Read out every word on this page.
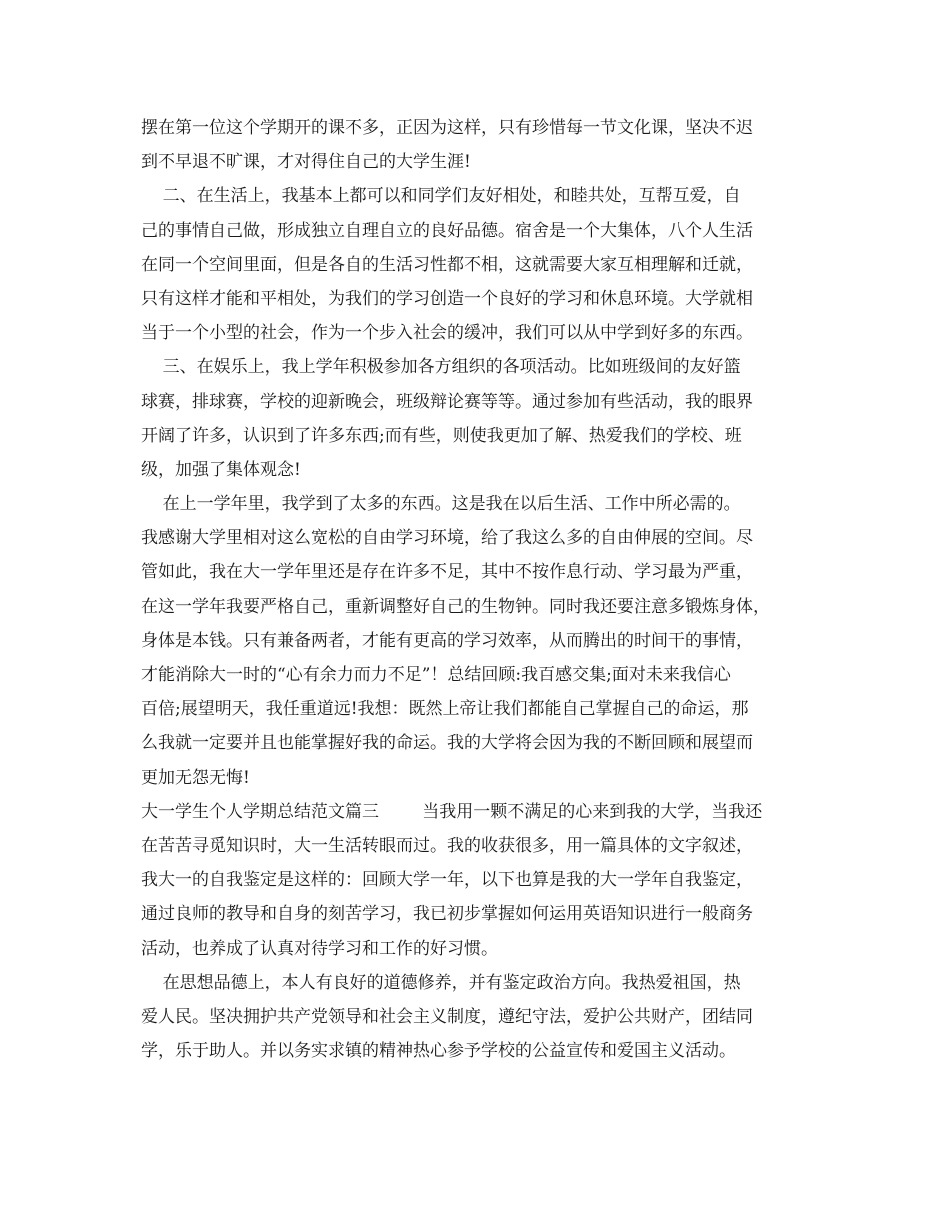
摆在第一位这个学期开的课不多，正因为这样，只有珍惜每一节文化课，坚决不迟
到不早退不旷课，才对得住自己的大学生涯!
二、在生活上，我基本上都可以和同学们友好相处，和睦共处，互帮互爱，自
己的事情自己做，形成独立自理自立的良好品德。宿舍是一个大集体，八个人生活
在同一个空间里面，但是各自的生活习性都不相，这就需要大家互相理解和迁就，
只有这样才能和平相处，为我们的学习创造一个良好的学习和休息环境。大学就相
当于一个小型的社会，作为一个步入社会的缓冲，我们可以从中学到好多的东西。
三、在娱乐上，我上学年积极参加各方组织的各项活动。比如班级间的友好篮
球赛，排球赛，学校的迎新晚会，班级辩论赛等等。通过参加有些活动，我的眼界
开阔了许多，认识到了许多东西;而有些，则使我更加了解、热爱我们的学校、班
级，加强了集体观念!
在上一学年里，我学到了太多的东西。这是我在以后生活、工作中所必需的。
我感谢大学里相对这么宽松的自由学习环境，给了我这么多的自由伸展的空间。尽
管如此，我在大一学年里还是存在许多不足，其中不按作息行动、学习最为严重，
在这一学年我要严格自己，重新调整好自己的生物钟。同时我还要注意多锻炼身体，
身体是本钱。只有兼备两者，才能有更高的学习效率，从而腾出的时间干的事情，
才能消除大一时的“心有余力而力不足”！总结回顾:我百感交集;面对未来我信心
百倍;展望明天，我任重道远!我想：既然上帝让我们都能自己掌握自己的命运，那
么我就一定要并且也能掌握好我的命运。我的大学将会因为我的不断回顾和展望而
更加无怨无悔!
大一学生个人学期总结范文篇三        当我用一颗不满足的心来到我的大学，当我还
在苦苦寻觅知识时，大一生活转眼而过。我的收获很多，用一篇具体的文字叙述，
我大一的自我鉴定是这样的：回顾大学一年，以下也算是我的大一学年自我鉴定，
通过良师的教导和自身的刻苦学习，我已初步掌握如何运用英语知识进行一般商务
活动，也养成了认真对待学习和工作的好习惯。
在思想品德上，本人有良好的道德修养，并有鉴定政治方向。我热爱祖国，热
爱人民。坚决拥护共产党领导和社会主义制度，遵纪守法，爱护公共财产，团结同
学，乐于助人。并以务实求镇的精神热心参予学校的公益宣传和爱国主义活动。
